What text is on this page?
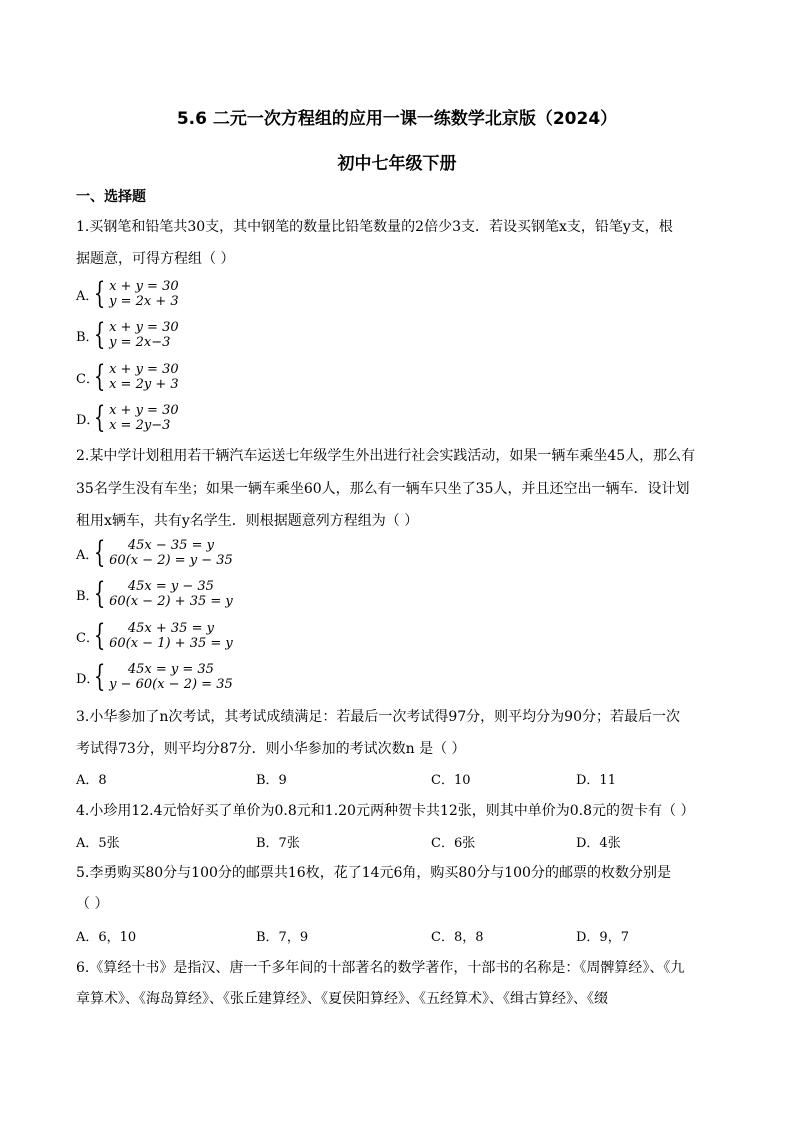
5.6 二元一次方程组的应用一课一练数学北京版（2024）
初中七年级下册
一、选择题
1.买钢笔和铅笔共30支，其中钢笔的数量比铅笔数量的2倍少3支．若设买钢笔x支，铅笔y支，根
据题意，可得方程组（ ）
A．
{ x + y = 30
y = 2x + 3
B．
{ x + y = 30
y = 2x−3
C．
{ x + y = 30
x = 2y + 3
D．
{ x + y = 30
x = 2y−3
2.某中学计划租用若干辆汽车运送七年级学生外出进行社会实践活动，如果一辆车乘坐45人，那么有
35名学生没有车坐；如果一辆车乘坐60人，那么有一辆车只坐了35人，并且还空出一辆车．设计划
租用x辆车，共有y名学生．则根据题意列方程组为（ ）
A．
{	45x − 35 = y
60(x − 2) = y − 35
B．
{	45x = y − 35
60(x − 2) + 35 = y
C．
{	45x + 35 = y
60(x − 1) + 35 = y
D．
{	45x = y = 35
y − 60(x − 2) = 35
3.小华参加了n次考试，其考试成绩满足：若最后一次考试得97分，则平均分为90分；若最后一次
考试得73分，则平均分87分．则小华参加的考试次数n 是（ ）
A．8	B．9	C．10	D．11
4.小珍用12.4元恰好买了单价为0.8元和1.20元两种贺卡共12张，则其中单价为0.8元的贺卡有（ ）
A．5张	B．7张	C．6张	D．4张
5.李勇购买80分与100分的邮票共16枚，花了14元6角，购买80分与100分的邮票的枚数分别是
（ ）
A．6，10	B．7，9	C．8，8	D．9，7
6.《算经十书》是指汉、唐一千多年间的十部著名的数学著作，十部书的名称是：《周髀算经》、《九
章算术》、《海岛算经》、《张丘建算经》、《夏侯阳算经》、《五经算术》、《缉古算经》、《缀
